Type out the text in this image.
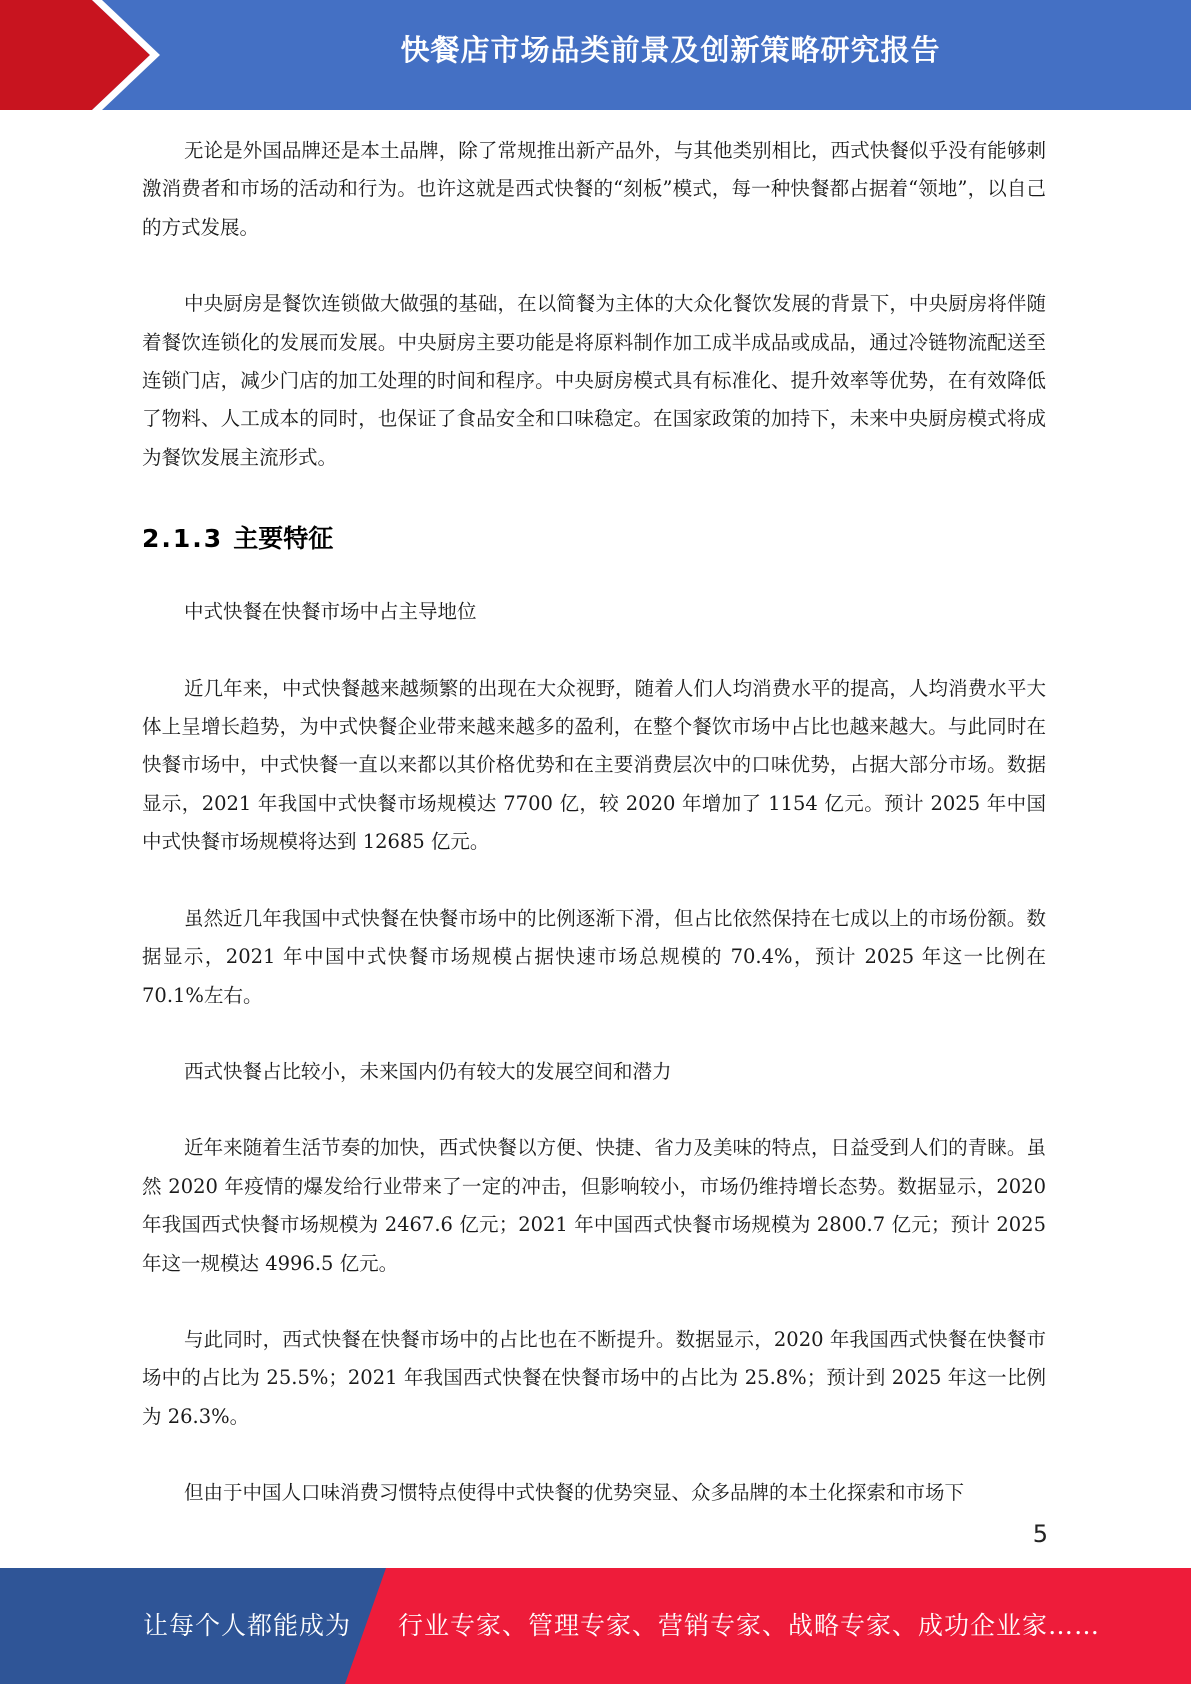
快餐店市场品类前景及创新策略研究报告

无论是外国品牌还是本土品牌，除了常规推出新产品外，与其他类别相比，西式快餐似乎没有能够刺激消费者和市场的活动和行为。也许这就是西式快餐的“刻板”模式，每一种快餐都占据着“领地”，以自己的方式发展。

中央厨房是餐饮连锁做大做强的基础，在以简餐为主体的大众化餐饮发展的背景下，中央厨房将伴随着餐饮连锁化的发展而发展。中央厨房主要功能是将原料制作加工成半成品或成品，通过冷链物流配送至连锁门店，减少门店的加工处理的时间和程序。中央厨房模式具有标准化、提升效率等优势，在有效降低了物料、人工成本的同时，也保证了食品安全和口味稳定。在国家政策的加持下，未来中央厨房模式将成为餐饮发展主流形式。

2.1.3 主要特征

中式快餐在快餐市场中占主导地位

近几年来，中式快餐越来越频繁的出现在大众视野，随着人们人均消费水平的提高，人均消费水平大体上呈增长趋势，为中式快餐企业带来越来越多的盈利，在整个餐饮市场中占比也越来越大。与此同时在快餐市场中，中式快餐一直以来都以其价格优势和在主要消费层次中的口味优势，占据大部分市场。数据显示，2021 年我国中式快餐市场规模达 7700 亿，较 2020 年增加了 1154 亿元。预计 2025 年中国中式快餐市场规模将达到 12685 亿元。

虽然近几年我国中式快餐在快餐市场中的比例逐渐下滑，但占比依然保持在七成以上的市场份额。数据显示，2021 年中国中式快餐市场规模占据快速市场总规模的 70.4%，预计 2025 年这一比例在 70.1%左右。

西式快餐占比较小，未来国内仍有较大的发展空间和潜力

近年来随着生活节奏的加快，西式快餐以方便、快捷、省力及美味的特点，日益受到人们的青睐。虽然 2020 年疫情的爆发给行业带来了一定的冲击，但影响较小，市场仍维持增长态势。数据显示，2020 年我国西式快餐市场规模为 2467.6 亿元；2021 年中国西式快餐市场规模为 2800.7 亿元；预计 2025 年这一规模达 4996.5 亿元。

与此同时，西式快餐在快餐市场中的占比也在不断提升。数据显示，2020 年我国西式快餐在快餐市场中的占比为 25.5%；2021 年我国西式快餐在快餐市场中的占比为 25.8%；预计到 2025 年这一比例为 26.3%。

但由于中国人口味消费习惯特点使得中式快餐的优势突显、众多品牌的本土化探索和市场下

5
让每个人都能成为 行业专家、管理专家、营销专家、战略专家、成功企业家……
